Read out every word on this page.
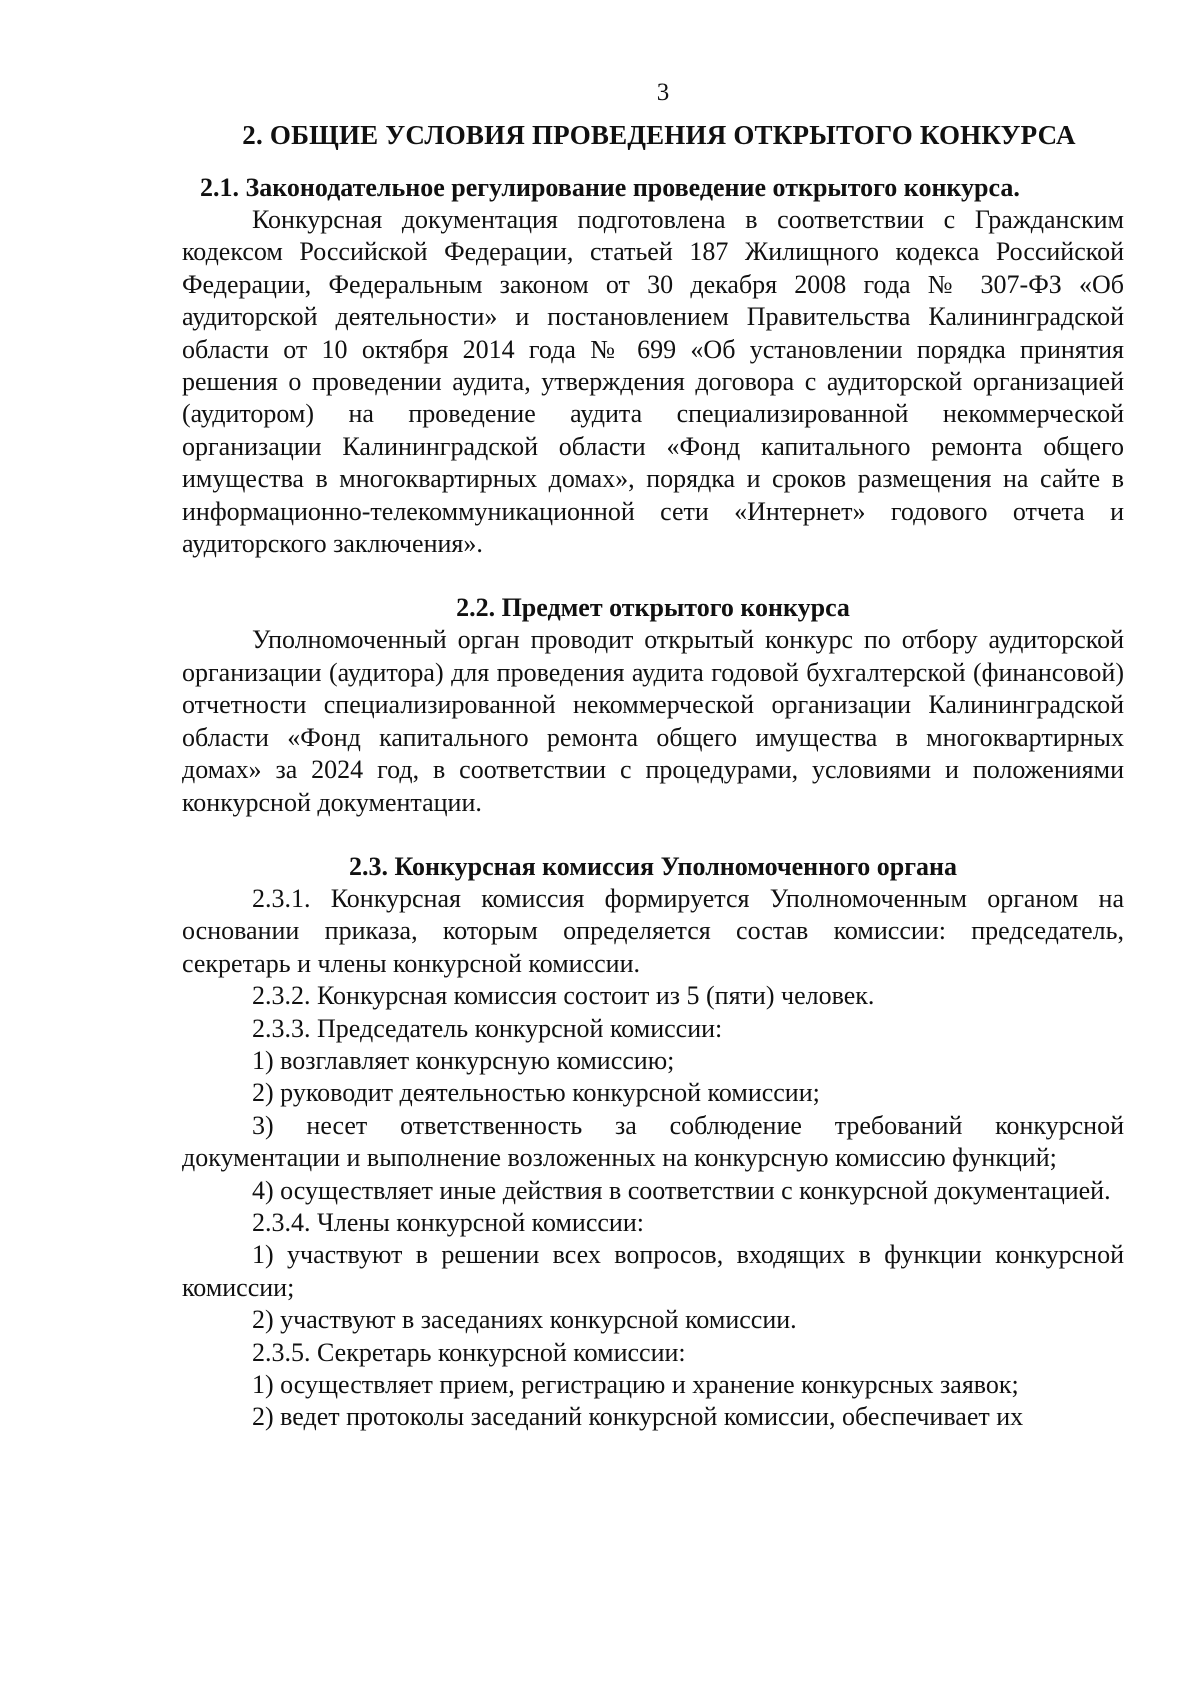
3
2. ОБЩИЕ УСЛОВИЯ ПРОВЕДЕНИЯ ОТКРЫТОГО КОНКУРСА
2.1. Законодательное регулирование проведение открытого конкурса.

Конкурсная документация подготовлена в соответствии с Гражданским кодексом Российской Федерации, статьей 187 Жилищного кодекса Российской Федерации, Федеральным законом от 30 декабря 2008 года № 307-ФЗ «Об аудиторской деятельности» и постановлением Правительства Калининградской области от 10 октября 2014 года № 699 «Об установлении порядка принятия решения о проведении аудита, утверждения договора с аудиторской организацией (аудитором) на проведение аудита специализированной некоммерческой организации Калининградской области «Фонд капитального ремонта общего имущества в многоквартирных домах», порядка и сроков размещения на сайте в информационно-телекоммуникационной сети «Интернет» годового отчета и аудиторского заключения».

2.2. Предмет открытого конкурса

Уполномоченный орган проводит открытый конкурс по отбору аудиторской организации (аудитора) для проведения аудита годовой бухгалтерской (финансовой) отчетности специализированной некоммерческой организации Калининградской области «Фонд капитального ремонта общего имущества в многоквартирных домах» за 2024 год, в соответствии с процедурами, условиями и положениями конкурсной документации.

2.3. Конкурсная комиссия Уполномоченного органа

2.3.1. Конкурсная комиссия формируется Уполномоченным органом на основании приказа, которым определяется состав комиссии: председатель, секретарь и члены конкурсной комиссии.

2.3.2. Конкурсная комиссия состоит из 5 (пяти) человек.

2.3.3. Председатель конкурсной комиссии:

1) возглавляет конкурсную комиссию;

2) руководит деятельностью конкурсной комиссии;

3) несет ответственность за соблюдение требований конкурсной документации и выполнение возложенных на конкурсную комиссию функций;

4) осуществляет иные действия в соответствии с конкурсной документацией.

2.3.4. Члены конкурсной комиссии:

1) участвуют в решении всех вопросов, входящих в функции конкурсной комиссии;

2) участвуют в заседаниях конкурсной комиссии.

2.3.5. Секретарь конкурсной комиссии:

1) осуществляет прием, регистрацию и хранение конкурсных заявок;

2) ведет протоколы заседаний конкурсной комиссии, обеспечивает их
